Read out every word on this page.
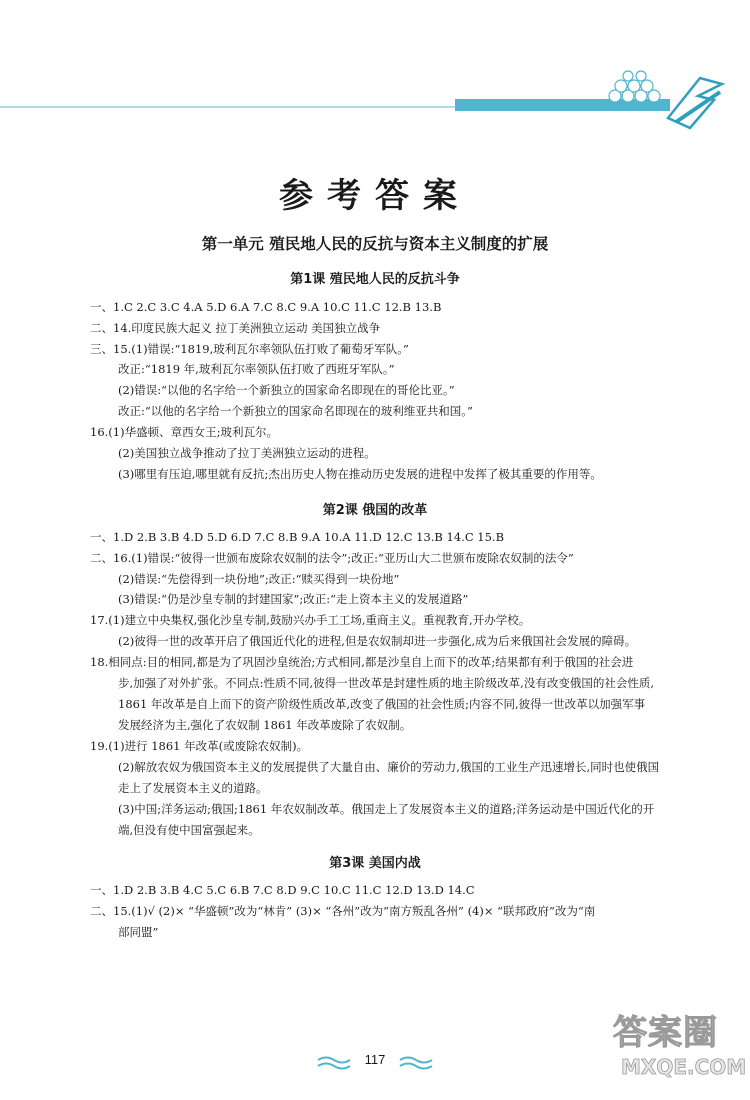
参考答案
第一单元 殖民地人民的反抗与资本主义制度的扩展
第1课 殖民地人民的反抗斗争
一、1.C 2.C 3.C 4.A 5.D 6.A 7.C 8.C 9.A 10.C 11.C 12.B 13.B
二、14.印度民族大起义 拉丁美洲独立运动 美国独立战争
三、15.(1)错误:“1819,玻利瓦尔率领队伍打败了葡萄牙军队。”
改正:“1819 年,玻利瓦尔率领队伍打败了西班牙军队。”
(2)错误:“以他的名字给一个新独立的国家命名即现在的哥伦比亚。”
改正:“以他的名字给一个新独立的国家命名即现在的玻利维亚共和国。”
16.(1)华盛顿、章西女王;玻利瓦尔。
(2)美国独立战争推动了拉丁美洲独立运动的进程。
(3)哪里有压迫,哪里就有反抗;杰出历史人物在推动历史发展的进程中发挥了极其重要的作用等。
第2课 俄国的改革
一、1.D 2.B 3.B 4.D 5.D 6.D 7.C 8.B 9.A 10.A 11.D 12.C 13.B 14.C 15.B
二、16.(1)错误:“彼得一世颁布废除农奴制的法令”;改正:“亚历山大二世颁布废除农奴制的法令”
(2)错误:“先偿得到一块份地”;改正:“赎买得到一块份地”
(3)错误:“仍是沙皇专制的封建国家”;改正:“走上资本主义的发展道路”
17.(1)建立中央集权,强化沙皇专制,鼓励兴办手工工场,重商主义。重视教育,开办学校。
(2)彼得一世的改革开启了俄国近代化的进程,但是农奴制却进一步强化,成为后来俄国社会发展的障碍。
18.相同点:目的相同,都是为了巩固沙皇统治;方式相同,都是沙皇自上而下的改革;结果都有利于俄国的社会进
步,加强了对外扩张。不同点:性质不同,彼得一世改革是封建性质的地主阶级改革,没有改变俄国的社会性质,
1861 年改革是自上而下的资产阶级性质改革,改变了俄国的社会性质;内容不同,彼得一世改革以加强军事
发展经济为主,强化了农奴制 1861 年改革废除了农奴制。
19.(1)进行 1861 年改革(或废除农奴制)。
(2)解放农奴为俄国资本主义的发展提供了大量自由、廉价的劳动力,俄国的工业生产迅速增长,同时也使俄国
走上了发展资本主义的道路。
(3)中国;洋务运动;俄国;1861 年农奴制改革。俄国走上了发展资本主义的道路;洋务运动是中国近代化的开
端,但没有使中国富强起来。
第3课 美国内战
一、1.D 2.B 3.B 4.C 5.C 6.B 7.C 8.D 9.C 10.C 11.C 12.D 13.D 14.C
二、15.(1)√ (2)× “华盛顿”改为“林肯” (3)× “各州”改为“南方叛乱各州” (4)× “联邦政府”改为“南
部同盟”
117
答案圈
MXQE.COM
